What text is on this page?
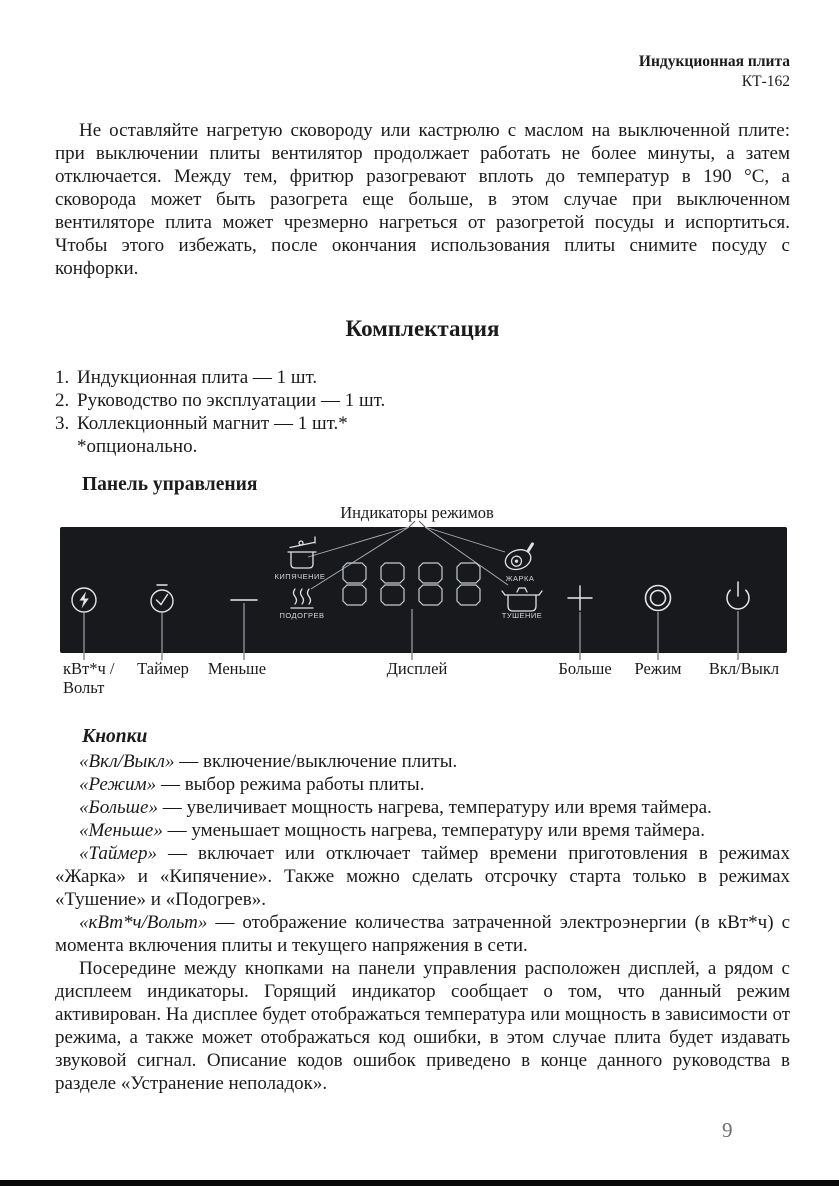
Индукционная плита
КТ-162

Не оставляйте нагретую сковороду или кастрюлю с маслом на выключенной плите: при выключении плиты вентилятор продолжает работать не более минуты, а затем отключается. Между тем, фритюр разогревают вплоть до температур в 190 °C, а сковорода может быть разогрета еще больше, в этом случае при выключенном вентиляторе плита может чрезмерно нагреться от разогретой посуды и испортиться. Чтобы этого избежать, после окончания использования плиты снимите посуду с конфорки.

Комплектация

1. Индукционная плита — 1 шт.

2. Руководство по эксплуатации — 1 шт.

3. Коллекционный магнит — 1 шт.*

*опционально.

Панель управления
Индикаторы режимов
КИПЯЧЕНИЕ
ПОДОГРЕВ
ЖАРКА
ТУШЕНИЕ
кВт*ч /
Вольт
Таймер Меньше	Дисплей	Больше Режим Вкл/Выкл
Кнопки

«Вкл/Выкл» — включение/выключение плиты.

«Режим» — выбор режима работы плиты.

«Больше» — увеличивает мощность нагрева, температуру или время таймера.

«Меньше» — уменьшает мощность нагрева, температуру или время таймера.

«Таймер» — включает или отключает таймер времени приготовления в режимах «Жарка» и «Кипячение». Также можно сделать отсрочку старта только в режимах «Тушение» и «Подогрев».

«кВт*ч/Вольт» — отображение количества затраченной электроэнергии (в кВт*ч) с момента включения плиты и текущего напряжения в сети.

Посередине между кнопками на панели управления расположен дисплей, а рядом с дисплеем индикаторы. Горящий индикатор сообщает о том, что данный режим активирован. На дисплее будет отображаться температура или мощность в зависимости от режима, а также может отображаться код ошибки, в этом случае плита будет издавать звуковой сигнал. Описание кодов ошибок приведено в конце данного руководства в разделе «Устранение неполадок».

9
